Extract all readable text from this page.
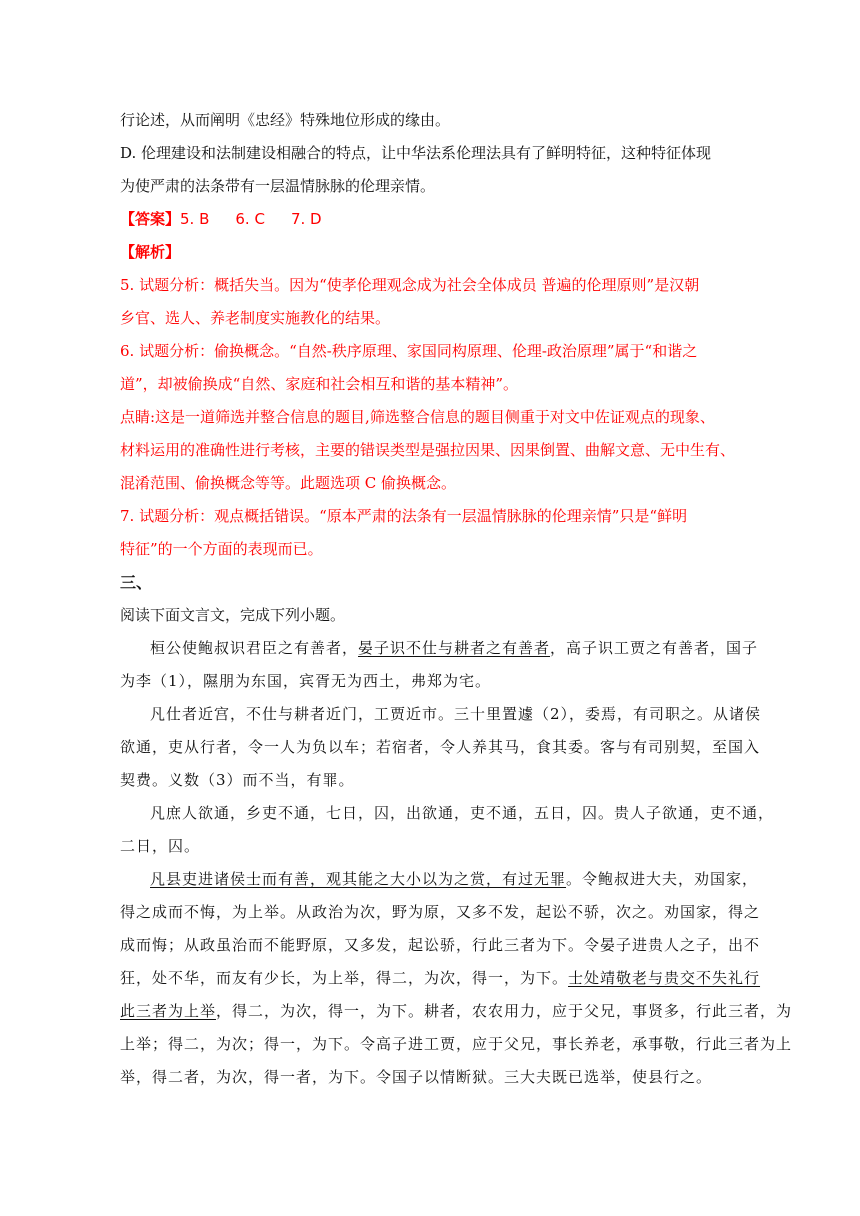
行论述，从而阐明《忠经》特殊地位形成的缘由。

D. 伦理建设和法制建设相融合的特点，让中华法系伦理法具有了鲜明特征，这种特征体现

为使严肃的法条带有一层温情脉脉的伦理亲情。

【答案】5. B 6. C 7. D

【解析】

5. 试题分析：概括失当。因为“使孝伦理观念成为社会全体成员 普遍的伦理原则”是汉朝

乡官、选人、养老制度实施教化的结果。

6. 试题分析：偷换概念。“自然-秩序原理、家国同构原理、伦理-政治原理”属于“和谐之

道”，却被偷换成“自然、家庭和社会相互和谐的基本精神”。

点睛:这是一道筛选并整合信息的题目,筛选整合信息的题目侧重于对文中佐证观点的现象、

材料运用的准确性进行考核，主要的错误类型是强拉因果、因果倒置、曲解文意、无中生有、

混淆范围、偷换概念等等。此题选项 C 偷换概念。

7. 试题分析：观点概括错误。“原本严肃的法条有一层温情脉脉的伦理亲情”只是“鲜明

特征”的一个方面的表现而已。

三、

阅读下面文言文，完成下列小题。

桓公使鲍叔识君臣之有善者，晏子识不仕与耕者之有善者，高子识工贾之有善者，国子

为李（1），隰朋为东国，宾胥无为西土，弗郑为宅。

凡仕者近宫，不仕与耕者近门，工贾近市。三十里置遽（2），委焉，有司职之。从诸侯

欲通，吏从行者，令一人为负以车；若宿者，令人养其马，食其委。客与有司别契，至国入

契费。义数（3）而不当，有罪。

凡庶人欲通，乡吏不通，七日，囚，出欲通，吏不通，五日，囚。贵人子欲通，吏不通，

二日，囚。

凡县吏进诸侯士而有善，观其能之大小以为之赏，有过无罪。令鲍叔进大夫，劝国家，

得之成而不悔，为上举。从政治为次，野为原，又多不发，起讼不骄，次之。劝国家，得之

成而悔；从政虽治而不能野原，又多发，起讼骄，行此三者为下。令晏子进贵人之子，出不

狂，处不华，而友有少长，为上举，得二，为次，得一，为下。士处靖敬老与贵交不失礼行

此三者为上举，得二，为次，得一，为下。耕者，农农用力，应于父兄，事贤多，行此三者，为

上举；得二，为次；得一，为下。令高子进工贾，应于父兄，事长养老，承事敬，行此三者为上

举，得二者，为次，得一者，为下。令国子以情断狱。三大夫既已选举，使县行之。
